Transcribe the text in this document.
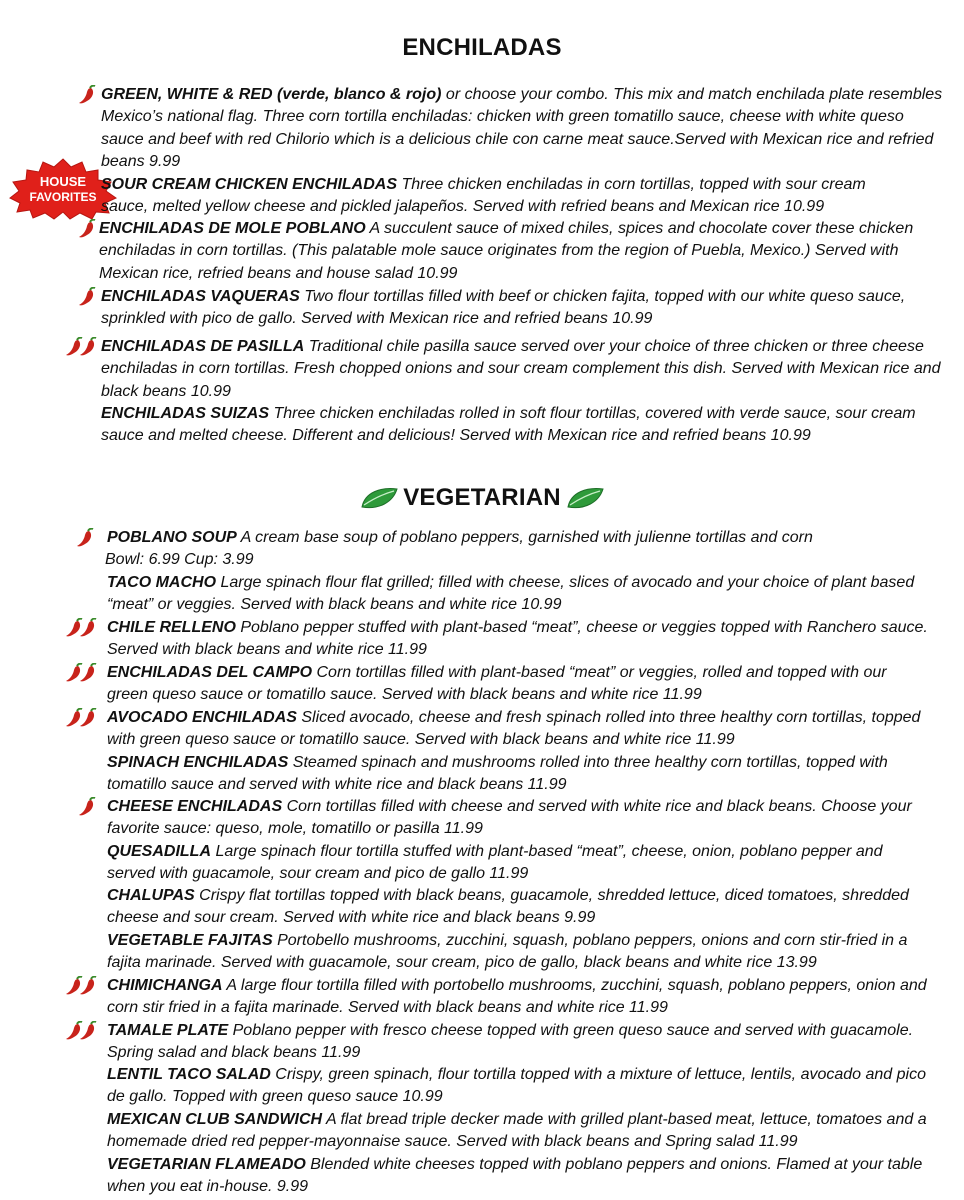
ENCHILADAS
HOUSE
FAVORITES
GREEN, WHITE & RED (verde, blanco & rojo) or choose your combo. This mix and match enchilada plate resembles Mexico’s national flag. Three corn tortilla enchiladas: chicken with green tomatillo sauce, cheese with white queso sauce and beef with red Chilorio which is a delicious chile con carne meat sauce.Served with Mexican rice and refried beans 9.99
SOUR CREAM CHICKEN ENCHILADAS Three chicken enchiladas in corn tortillas, topped with sour cream sauce, melted yellow cheese and pickled jalapeños. Served with refried beans and Mexican rice 10.99
ENCHILADAS DE MOLE POBLANO A succulent sauce of mixed chiles, spices and chocolate cover these chicken enchiladas in corn tortillas. (This palatable mole sauce originates from the region of Puebla, Mexico.) Served with Mexican rice, refried beans and house salad 10.99
ENCHILADAS VAQUERAS Two flour tortillas filled with beef or chicken fajita, topped with our white queso sauce, sprinkled with pico de gallo. Served with Mexican rice and refried beans 10.99
ENCHILADAS DE PASILLA Traditional chile pasilla sauce served over your choice of three chicken or three cheese enchiladas in corn tortillas. Fresh chopped onions and sour cream complement this dish. Served with Mexican rice and black beans 10.99
ENCHILADAS SUIZAS Three chicken enchiladas rolled in soft flour tortillas, covered with verde sauce, sour cream sauce and melted cheese. Different and delicious! Served with Mexican rice and refried beans 10.99
VEGETARIAN
POBLANO SOUP A cream base soup of poblano peppers, garnished with julienne tortillas and corn
Bowl: 6.99 Cup: 3.99
TACO MACHO Large spinach flour flat grilled; filled with cheese, slices of avocado and your choice of plant based “meat” or veggies. Served with black beans and white rice 10.99
CHILE RELLENO Poblano pepper stuffed with plant-based “meat”, cheese or veggies topped with Ranchero sauce. Served with black beans and white rice 11.99
ENCHILADAS DEL CAMPO Corn tortillas filled with plant-based “meat” or veggies, rolled and topped with our green queso sauce or tomatillo sauce. Served with black beans and white rice 11.99
AVOCADO ENCHILADAS Sliced avocado, cheese and fresh spinach rolled into three healthy corn tortillas, topped with green queso sauce or tomatillo sauce. Served with black beans and white rice 11.99
SPINACH ENCHILADAS Steamed spinach and mushrooms rolled into three healthy corn tortillas, topped with tomatillo sauce and served with white rice and black beans 11.99
CHEESE ENCHILADAS Corn tortillas filled with cheese and served with white rice and black beans. Choose your favorite sauce: queso, mole, tomatillo or pasilla 11.99
QUESADILLA Large spinach flour tortilla stuffed with plant-based “meat”, cheese, onion, poblano pepper and served with guacamole, sour cream and pico de gallo 11.99
CHALUPAS Crispy flat tortillas topped with black beans, guacamole, shredded lettuce, diced tomatoes, shredded cheese and sour cream. Served with white rice and black beans 9.99
VEGETABLE FAJITAS Portobello mushrooms, zucchini, squash, poblano peppers, onions and corn stir-fried in a fajita marinade. Served with guacamole, sour cream, pico de gallo, black beans and white rice 13.99
CHIMICHANGA A large flour tortilla filled with portobello mushrooms, zucchini, squash, poblano peppers, onion and corn stir fried in a fajita marinade. Served with black beans and white rice 11.99
TAMALE PLATE Poblano pepper with fresco cheese topped with green queso sauce and served with guacamole. Spring salad and black beans 11.99
LENTIL TACO SALAD Crispy, green spinach, flour tortilla topped with a mixture of lettuce, lentils, avocado and pico de gallo. Topped with green queso sauce 10.99
MEXICAN CLUB SANDWICH A flat bread triple decker made with grilled plant-based meat, lettuce, tomatoes and a homemade dried red pepper-mayonnaise sauce. Served with black beans and Spring salad 11.99
VEGETARIAN FLAMEADO Blended white cheeses topped with poblano peppers and onions. Flamed at your table when you eat in-house. 9.99
